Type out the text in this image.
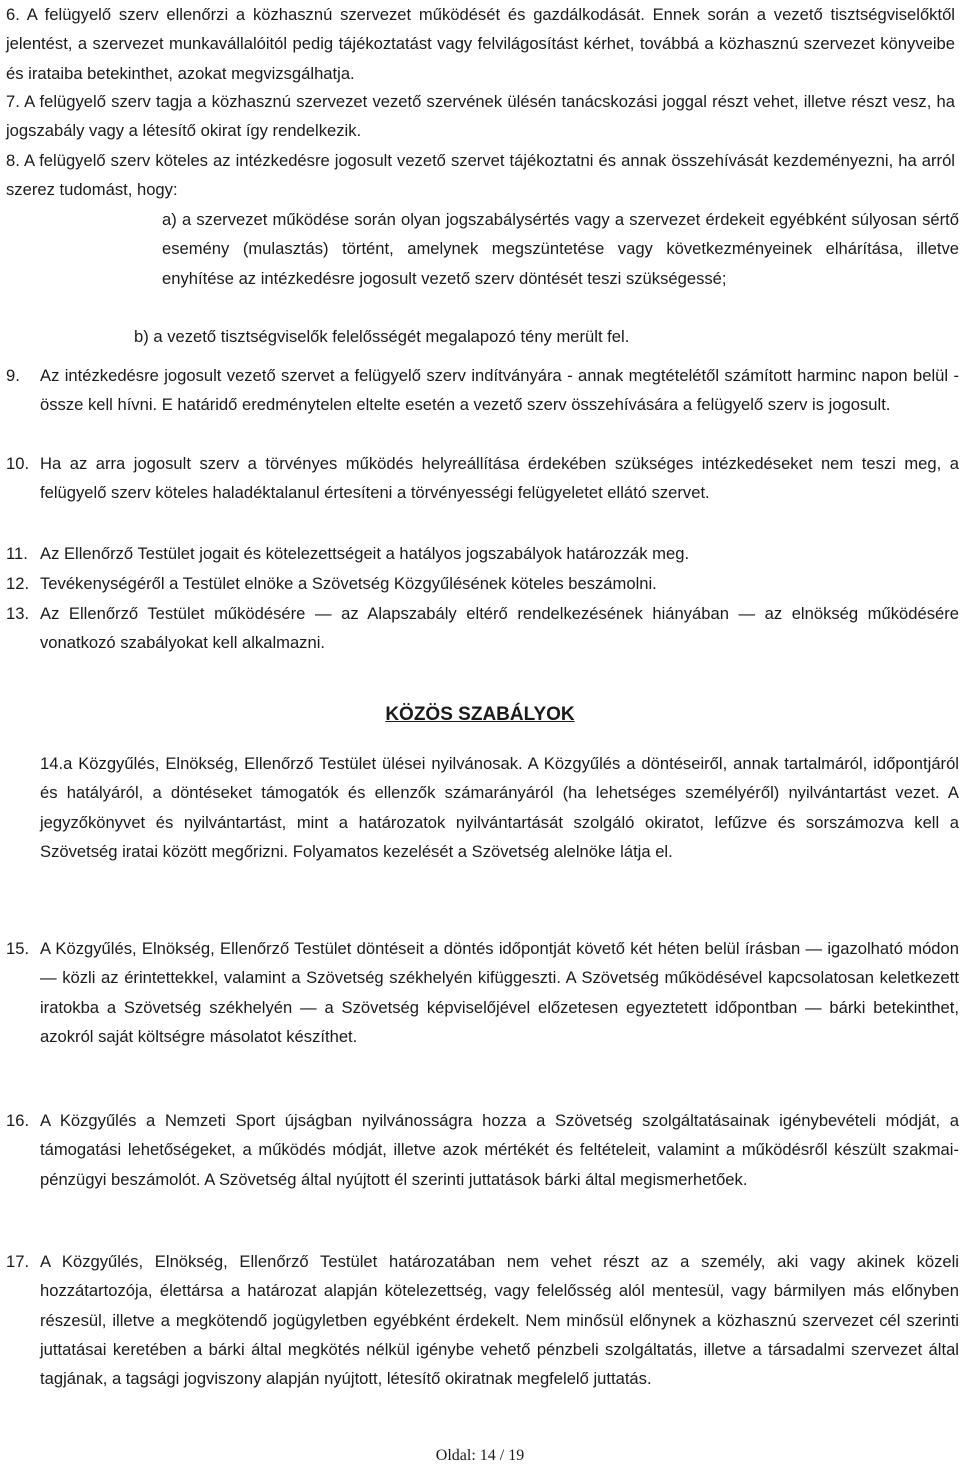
6. A felügyelő szerv ellenőrzi a közhasznú szervezet működését és gazdálkodását. Ennek során a vezető tisztségviselőktől jelentést, a szervezet munkavállalóitól pedig tájékoztatást vagy felvilágosítást kérhet, továbbá a közhasznú szervezet könyveibe és irataiba betekinthet, azokat megvizsgálhatja.

7. A felügyelő szerv tagja a közhasznú szervezet vezető szervének ülésén tanácskozási joggal részt vehet, illetve részt vesz, ha jogszabály vagy a létesítő okirat így rendelkezik.

8. A felügyelő szerv köteles az intézkedésre jogosult vezető szervet tájékoztatni és annak összehívását kezdeményezni, ha arról szerez tudomást, hogy:

a) a szervezet működése során olyan jogszabálysértés vagy a szervezet érdekeit egyébként súlyosan sértő esemény (mulasztás) történt, amelynek megszüntetése vagy következményeinek elhárítása, illetve enyhítése az intézkedésre jogosult vezető szerv döntését teszi szükségessé;

b) a vezető tisztségviselők felelősségét megalapozó tény merült fel.

9. Az intézkedésre jogosult vezető szervet a felügyelő szerv indítványára - annak megtételétől számított harminc napon belül - össze kell hívni. E határidő eredménytelen eltelte esetén a vezető szerv összehívására a felügyelő szerv is jogosult.

10. Ha az arra jogosult szerv a törvényes működés helyreállítása érdekében szükséges intézkedéseket nem teszi meg, a felügyelő szerv köteles haladéktalanul értesíteni a törvényességi felügyeletet ellátó szervet.

11. Az Ellenőrző Testület jogait és kötelezettségeit a hatályos jogszabályok határozzák meg.

12. Tevékenységéről a Testület elnöke a Szövetség Közgyűlésének köteles beszámolni.

13. Az Ellenőrző Testület működésére — az Alapszabály eltérő rendelkezésének hiányában — az elnökség működésére vonatkozó szabályokat kell alkalmazni.

KÖZÖS SZABÁLYOK

14.a Közgyűlés, Elnökség, Ellenőrző Testület ülései nyilvánosak. A Közgyűlés a döntéseiről, annak tartalmáról, időpontjáról és hatályáról, a döntéseket támogatók és ellenzők számarányáról (ha lehetséges személyéről) nyilvántartást vezet. A jegyzőkönyvet és nyilvántartást, mint a határozatok nyilvántartását szolgáló okiratot, lefűzve és sorszámozva kell a Szövetség iratai között megőrizni. Folyamatos kezelését a Szövetség alelnöke látja el.

15. A Közgyűlés, Elnökség, Ellenőrző Testület döntéseit a döntés időpontját követő két héten belül írásban — igazolható módon — közli az érintettekkel, valamint a Szövetség székhelyén kifüggeszti. A Szövetség működésével kapcsolatosan keletkezett iratokba a Szövetség székhelyén — a Szövetség képviselőjével előzetesen egyeztetett időpontban — bárki betekinthet, azokról saját költségre másolatot készíthet.

16. A Közgyűlés a Nemzeti Sport újságban nyilvánosságra hozza a Szövetség szolgáltatásainak igénybevételi módját, a támogatási lehetőségeket, a működés módját, illetve azok mértékét és feltételeit, valamint a működésről készült szakmai-pénzügyi beszámolót. A Szövetség által nyújtott él szerinti juttatások bárki által megismerhetőek.

17. A Közgyűlés, Elnökség, Ellenőrző Testület határozatában nem vehet részt az a személy, aki vagy akinek közeli hozzátartozója, élettársa a határozat alapján kötelezettség, vagy felelősség alól mentesül, vagy bármilyen más előnyben részesül, illetve a megkötendő jogügyletben egyébként érdekelt. Nem minősül előnynek a közhasznú szervezet cél szerinti juttatásai keretében a bárki által megkötés nélkül igénybe vehető pénzbeli szolgáltatás, illetve a társadalmi szervezet által tagjának, a tagsági jogviszony alapján nyújtott, létesítő okiratnak megfelelő juttatás.

Oldal: 14 / 19
